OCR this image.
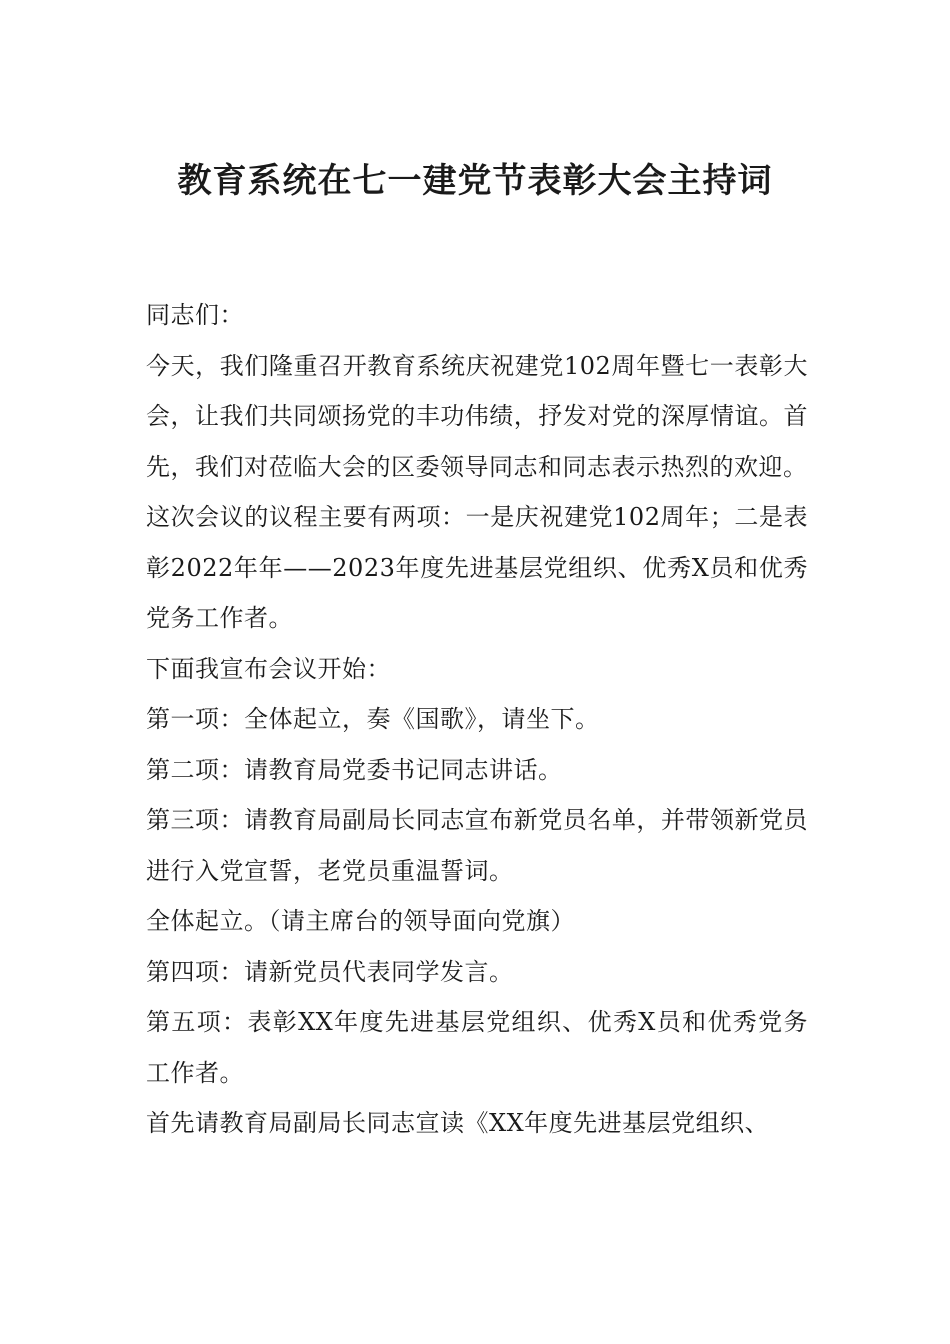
教育系统在七一建党节表彰大会主持词

同志们：

今天，我们隆重召开教育系统庆祝建党102周年暨七一表彰大会，让我们共同颂扬党的丰功伟绩，抒发对党的深厚情谊。首先，我们对莅临大会的区委领导同志和同志表示热烈的欢迎。

这次会议的议程主要有两项：一是庆祝建党102周年；二是表彰2022年年——2023年度先进基层党组织、优秀X员和优秀党务工作者。

下面我宣布会议开始：

第一项：全体起立，奏《国歌》，请坐下。

第二项：请教育局党委书记同志讲话。

第三项：请教育局副局长同志宣布新党员名单，并带领新党员进行入党宣誓，老党员重温誓词。

全体起立。（请主席台的领导面向党旗）

第四项：请新党员代表同学发言。

第五项：表彰XX年度先进基层党组织、优秀X员和优秀党务工作者。

首先请教育局副局长同志宣读《XX年度先进基层党组织、
